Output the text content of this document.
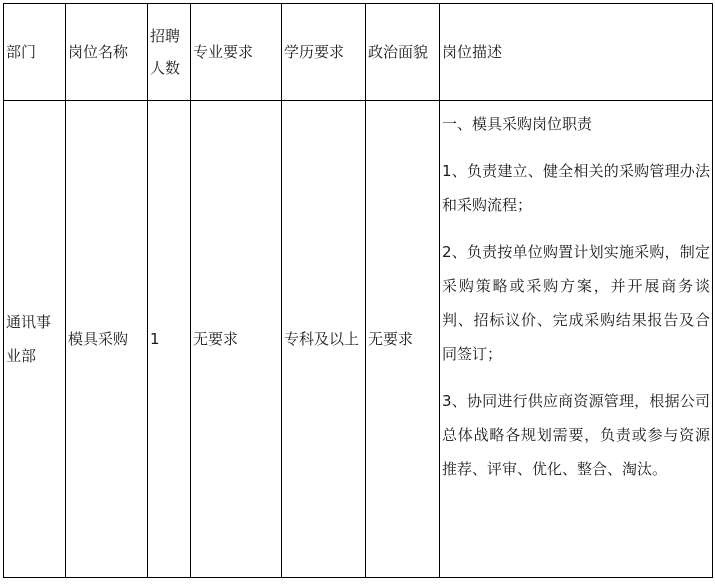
部门	岗位名称	招聘人数	专业要求	学历要求	政治面貌	岗位描述

通讯事业部	模具采购	1	无要求	专科及以上	无要求	一、模具采购岗位职责

1、负责建立、健全相关的采购管理办法和采购流程；

2、负责按单位购置计划实施采购，制定采购策略或采购方案，并开展商务谈判、招标议价、完成采购结果报告及合同签订；

3、协同进行供应商资源管理，根据公司总体战略各规划需要，负责或参与资源推荐、评审、优化、整合、淘汰。
